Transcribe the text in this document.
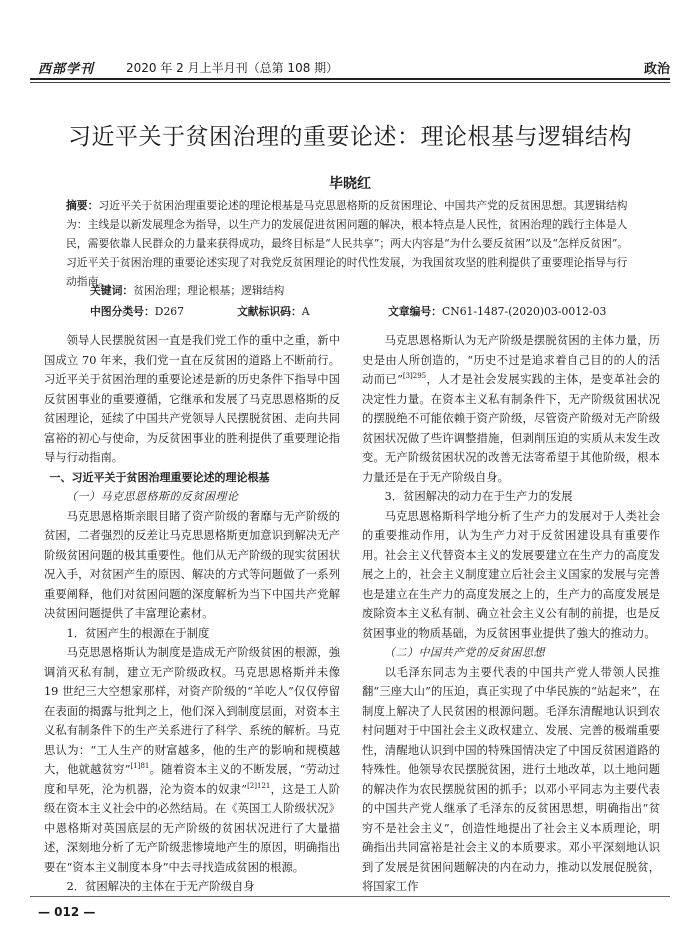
西部学刊	2020 年 2 月上半月刊（总第 108 期）	政治
习近平关于贫困治理的重要论述：理论根基与逻辑结构
毕晓红
摘要：习近平关于贫困治理重要论述的理论根基是马克思恩格斯的反贫困理论、中国共产党的反贫困思想。其逻辑结构为：主线是以新发展理念为指导，以生产力的发展促进贫困问题的解决，根本特点是人民性，贫困治理的践行主体是人民，需要依靠人民群众的力量来获得成功，最终目标是“人民共享”；两大内容是“为什么要反贫困”以及“怎样反贫困”。习近平关于贫困治理的重要论述实现了对我党反贫困理论的时代性发展，为我国贫攻坚的胜利提供了重要理论指导与行动指南。
关键词：贫困治理；理论根基；逻辑结构
中图分类号：D267	文献标识码：A	文章编号：CN61-1487-(2020)03-0012-03

领导人民摆脱贫困一直是我们党工作的重中之重，新中国成立 70 年来，我们党一直在反贫困的道路上不断前行。习近平关于贫困治理的重要论述是新的历史条件下指导中国反贫困事业的重要遵循，它继承和发展了马克思恩格斯的反贫困理论，延续了中国共产党领导人民摆脱贫困、走向共同富裕的初心与使命，为反贫困事业的胜利提供了重要理论指导与行动指南。

一、习近平关于贫困治理重要论述的理论根基

（一）马克思恩格斯的反贫困理论

马克思恩格斯亲眼目睹了资产阶级的奢靡与无产阶级的贫困，二者强烈的反差让马克思恩格斯更加意识到解决无产阶级贫困问题的极其重要性。他们从无产阶级的现实贫困状况入手，对贫困产生的原因、解决的方式等问题做了一系列重要阐释，他们对贫困问题的深度解析为当下中国共产党解决贫困问题提供了丰富理论素材。

1．贫困产生的根源在于制度

马克思恩格斯认为制度是造成无产阶级贫困的根源，強调消灭私有制，建立无产阶级政权。马克思恩格斯并未像 19 世纪三大空想家那样，对资产阶级的“羊吃人”仅仅停留在表面的揭露与批判之上，他们深入到制度层面，对资本主义私有制条件下的生产关系进行了科学、系统的解析。马克思认为：“工人生产的财富越多，他的生产的影响和规模越大，他就越贫穷”$^{[1]81}$。随着资本主义的不断发展，“劳动过度和早死，沦为机器，沦为资本的奴隶”$^{[2]121}$，这是工人阶级在资本主义社会中的必然结局。在《英国工人阶级状况》中恩格斯对英国底层的无产阶级的贫困状况进行了大量描述，深刻地分析了无产阶级悲惨境地产生的原因，明确指出要在“资本主义制度本身”中去寻找造成贫困的根源。

2．贫困解决的主体在于无产阶级自身

马克思恩格斯认为无产阶级是摆脱贫困的主体力量，历史是由人所创造的，“历史不过是追求着自己目的的人的活动而已”$^{[3]295}$，人才是社会发展实践的主体，是变革社会的决定性力量。在资本主义私有制条件下，无产阶级贫困状况的摆脱绝不可能依赖于资产阶级，尽管资产阶级对无产阶级贫困状况做了些许调整措施，但剥削压迫的实质从未发生改变。无产阶级贫困状况的改善无法寄希望于其他阶级，根本力量还是在于无产阶级自身。

3．贫困解决的动力在于生产力的发展

马克思恩格斯科学地分析了生产力的发展对于人类社会的重要推动作用，认为生产力对于反贫困建设具有重要作用。社会主义代替资本主义的发展要建立在生产力的高度发展之上的，社会主义制度建立后社会主义国家的发展与完善也是建立在生产力的高度发展之上的，生产力的高度发展是废除资本主义私有制、确立社会主义公有制的前提，也是反贫困事业的物质基础，为反贫困事业提供了強大的推动力。

（二）中国共产党的反贫困思想

以毛泽东同志为主要代表的中国共产党人带领人民推翻“三座大山”的压迫，真正实现了中华民族的“站起来”，在制度上解决了人民贫困的根源问题。毛泽东清醒地认识到农村问题对于中国社会主义政权建立、发展、完善的极端重要性，清醒地认识到中国的特殊国情决定了中国反贫困道路的特殊性。他领导农民摆脱贫困，进行土地改革，以土地问题的解决作为农民摆脱贫困的抓手；以邓小平同志为主要代表的中国共产党人继承了毛泽东的反贫困思想，明确指出“贫穷不是社会主义”，创造性地提出了社会主义本质理论，明确指出共同富裕是社会主义的本质要求。邓小平深刻地认识到了发展是贫困问题解决的内在动力，推动以发展促脱贫，将国家工作

— 012 —
